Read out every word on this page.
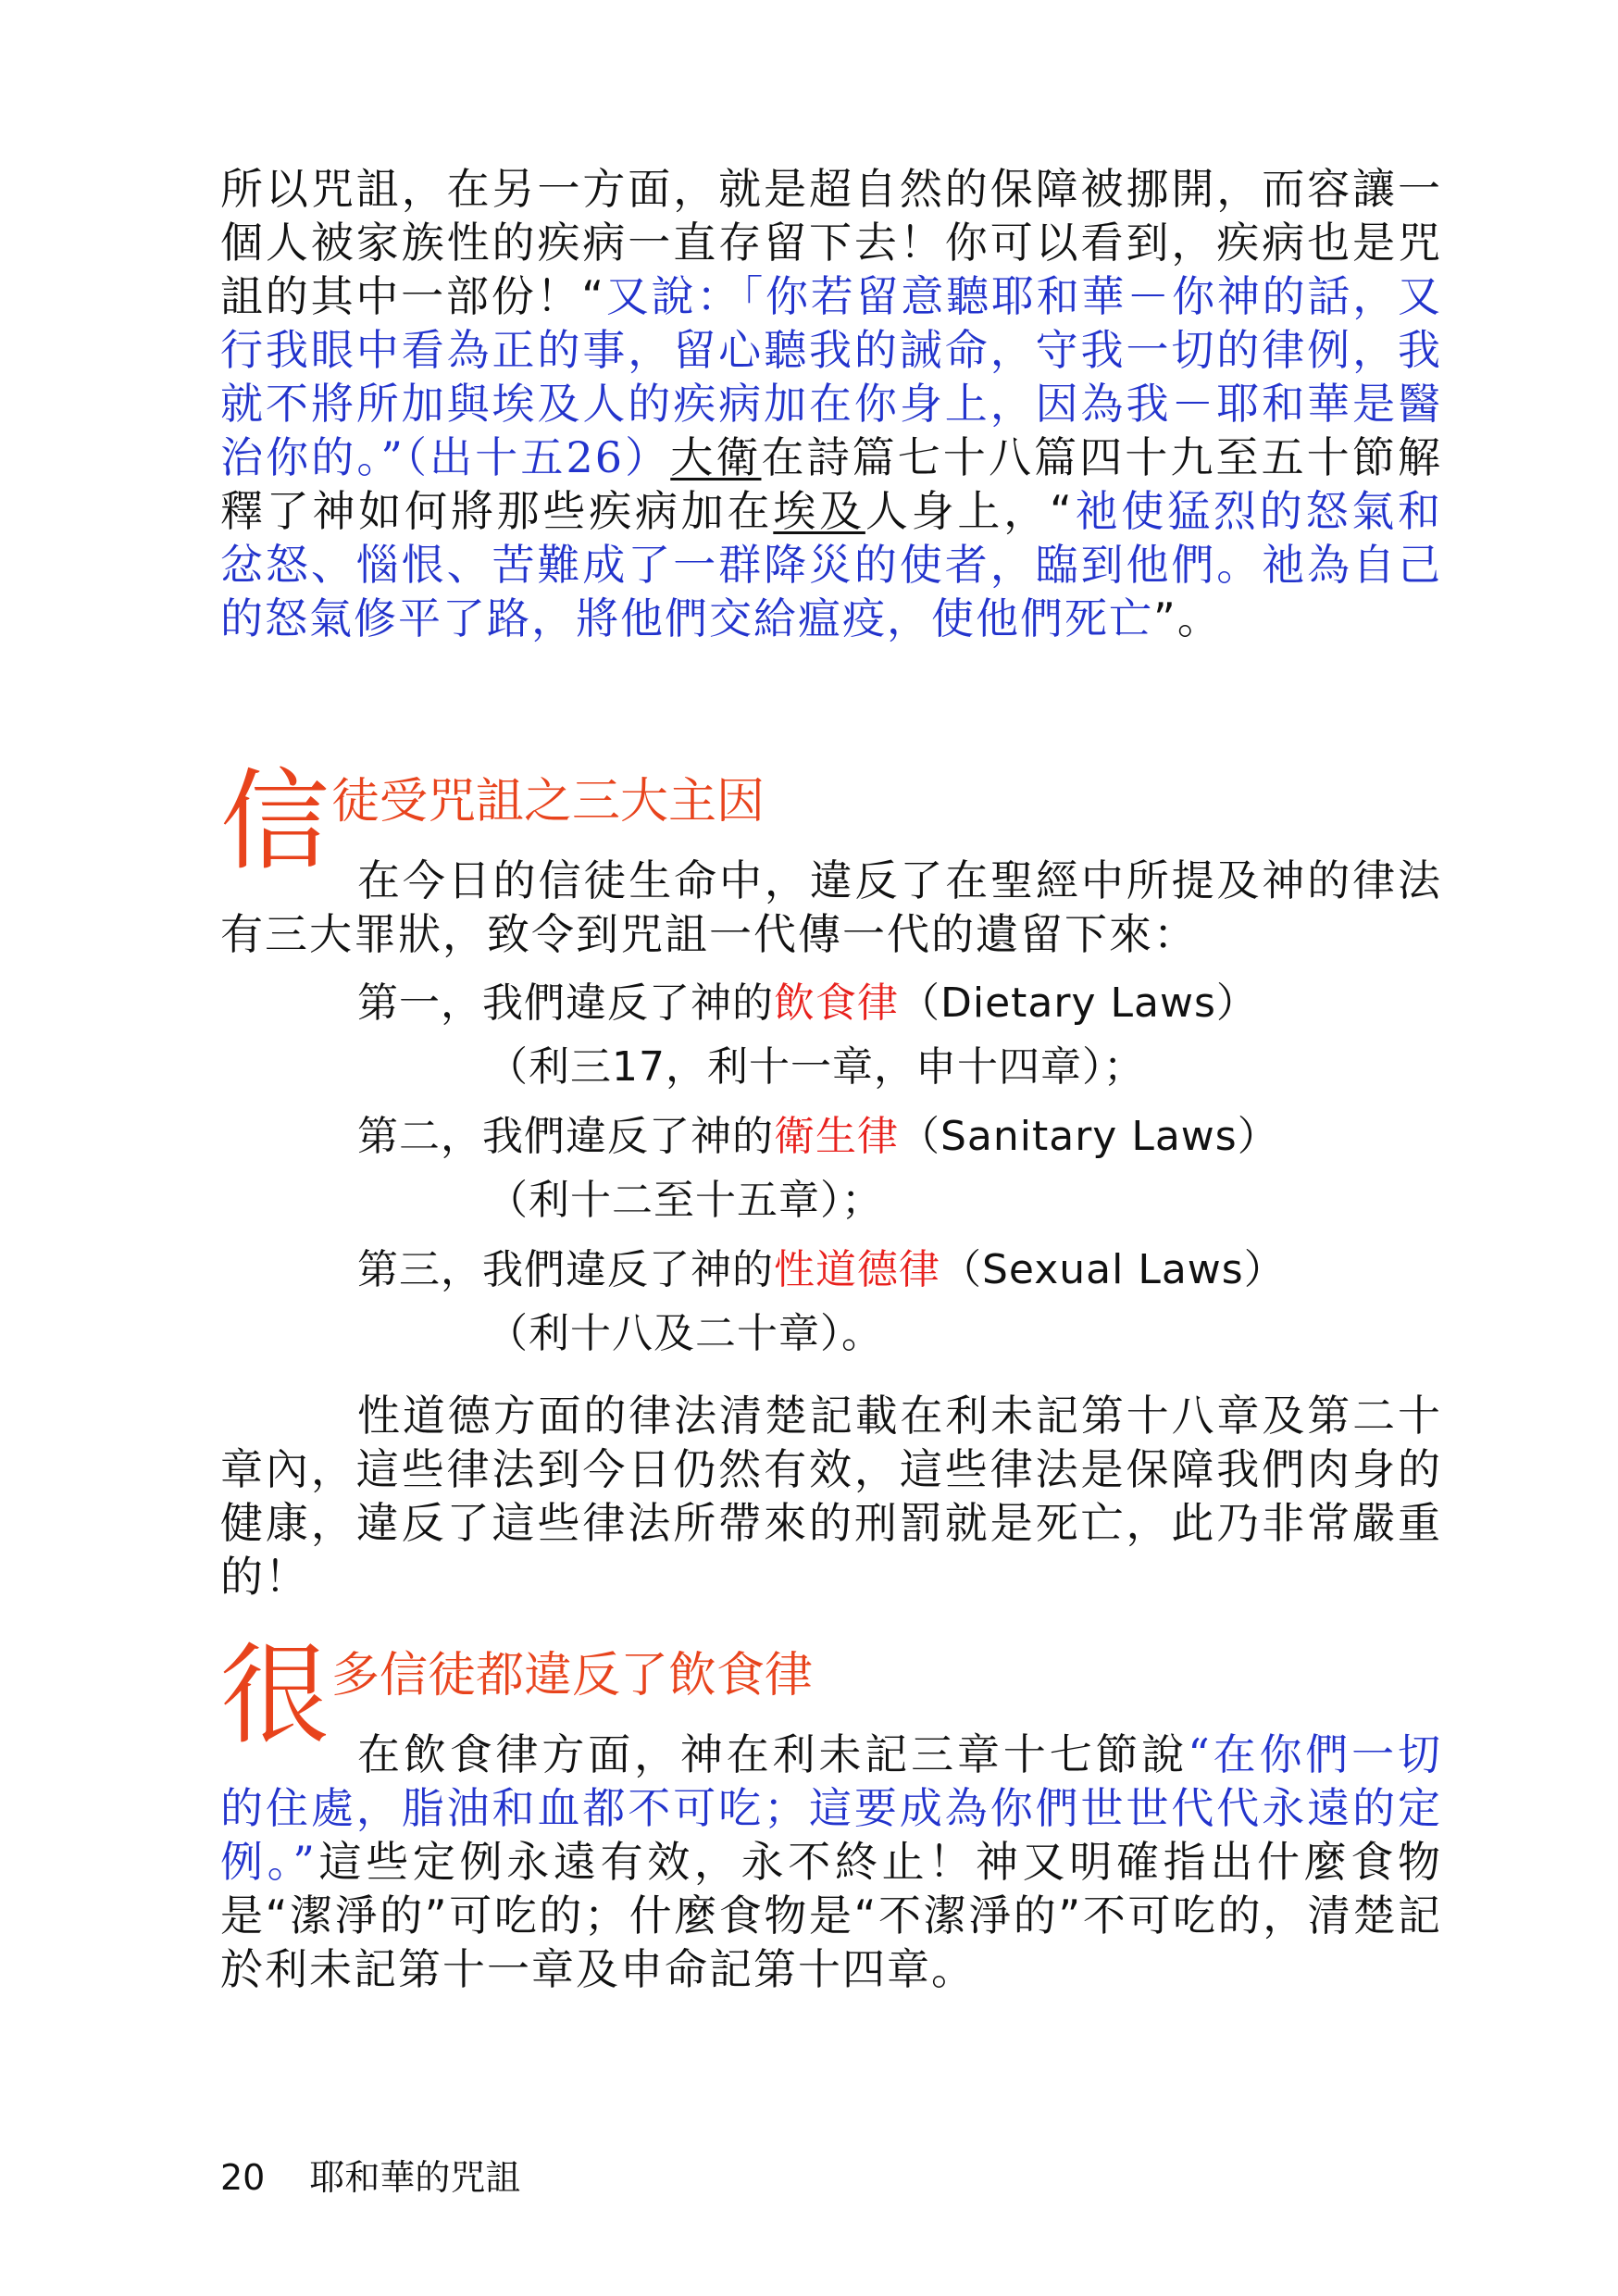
所以咒詛，在另一方面，就是超自然的保障被挪開，而容讓一個人被家族性的疾病一直存留下去！你可以看到，疾病也是咒詛的其中一部份！“又說：「你若留意聽耶和華－你神的話，又行我眼中看為正的事，留心聽我的誡命，守我一切的律例，我就不將所加與埃及人的疾病加在你身上，因為我－耶和華是醫治你的。”（出十五26）大衛在詩篇七十八篇四十九至五十節解釋了神如何將那些疾病加在埃及人身上，“祂使猛烈的怒氣和忿怒、惱恨、苦難成了一群降災的使者，臨到他們。祂為自己的怒氣修平了路，將他們交給瘟疫，使他們死亡”。

信 徒受咒詛之三大主因

在今日的信徒生命中，違反了在聖經中所提及神的律法有三大罪狀，致令到咒詛一代傳一代的遺留下來：

第一，我們違反了神的飲食律（Dietary Laws）
（利三17，利十一章，申十四章）；
第二，我們違反了神的衛生律（Sanitary Laws）
（利十二至十五章）；
第三，我們違反了神的性道德律（Sexual Laws）
（利十八及二十章）。

性道德方面的律法清楚記載在利未記第十八章及第二十章內，這些律法到今日仍然有效，這些律法是保障我們肉身的健康，違反了這些律法所帶來的刑罰就是死亡，此乃非常嚴重的！

很 多信徒都違反了飲食律

在飲食律方面，神在利未記三章十七節說“在你們一切的住處，脂油和血都不可吃；這要成為你們世世代代永遠的定例。”這些定例永遠有效，永不終止！神又明確指出什麼食物是“潔淨的”可吃的；什麼食物是“不潔淨的”不可吃的，清楚記於利未記第十一章及申命記第十四章。

20 耶和華的咒詛
